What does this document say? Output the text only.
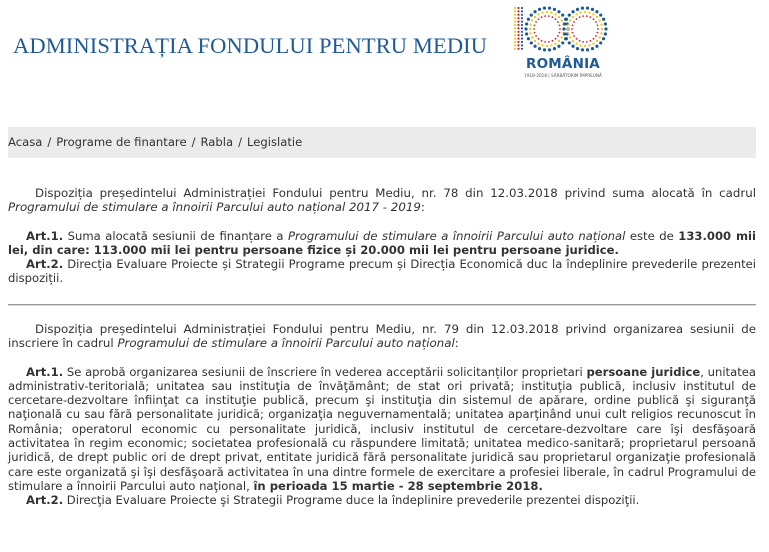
ADMINISTRAȚIA FONDULUI PENTRU MEDIU
ROMÂNIA
1918-2018 | SĂRBĂTORIM ÎMPREUNĂ
Acasa / Programe de finantare / Rabla / Legislatie

Dispoziția președintelui Administrației Fondului pentru Mediu, nr. 78 din 12.03.2018 privind suma alocată în cadrul Programului de stimulare a înnoirii Parcului auto național 2017 - 2019:

Art.1. Suma alocată sesiunii de finanțare a Programului de stimulare a înnoirii Parcului auto național este de 133.000 mii lei, din care: 113.000 mii lei pentru persoane fizice și 20.000 mii lei pentru persoane juridice.

Art.2. Direcția Evaluare Proiecte și Strategii Programe precum și Direcția Economică duc la îndeplinire prevederile prezentei dispoziții.

Dispoziția președintelui Administrației Fondului pentru Mediu, nr. 79 din 12.03.2018 privind organizarea sesiunii de inscriere în cadrul Programului de stimulare a înnoirii Parcului auto național:

Art.1. Se aprobă organizarea sesiunii de înscriere în vederea acceptării solicitanților proprietari persoane juridice, unitatea administrativ-teritorială; unitatea sau instituţia de învăţământ; de stat ori privată; instituţia publică, inclusiv institutul de cercetare-dezvoltare înfiinţat ca instituţie publică, precum şi instituţia din sistemul de apărare, ordine publică şi siguranţă naţională cu sau fără personalitate juridică; organizaţia neguvernamentală; unitatea aparţinând unui cult religios recunoscut în România; operatorul economic cu personalitate juridică, inclusiv institutul de cercetare-dezvoltare care îşi desfăşoară activitatea în regim economic; societatea profesională cu răspundere limitată; unitatea medico-sanitară; proprietarul persoană juridică, de drept public ori de drept privat, entitate juridică fără personalitate juridică sau proprietarul organizaţie profesională care este organizată şi îşi desfăşoară activitatea în una dintre formele de exercitare a profesiei liberale, în cadrul Programului de stimulare a înnoirii Parcului auto naţional, în perioada 15 martie - 28 septembrie 2018.

Art.2. Direcţia Evaluare Proiecte şi Strategii Programe duce la îndeplinire prevederile prezentei dispoziţii.
